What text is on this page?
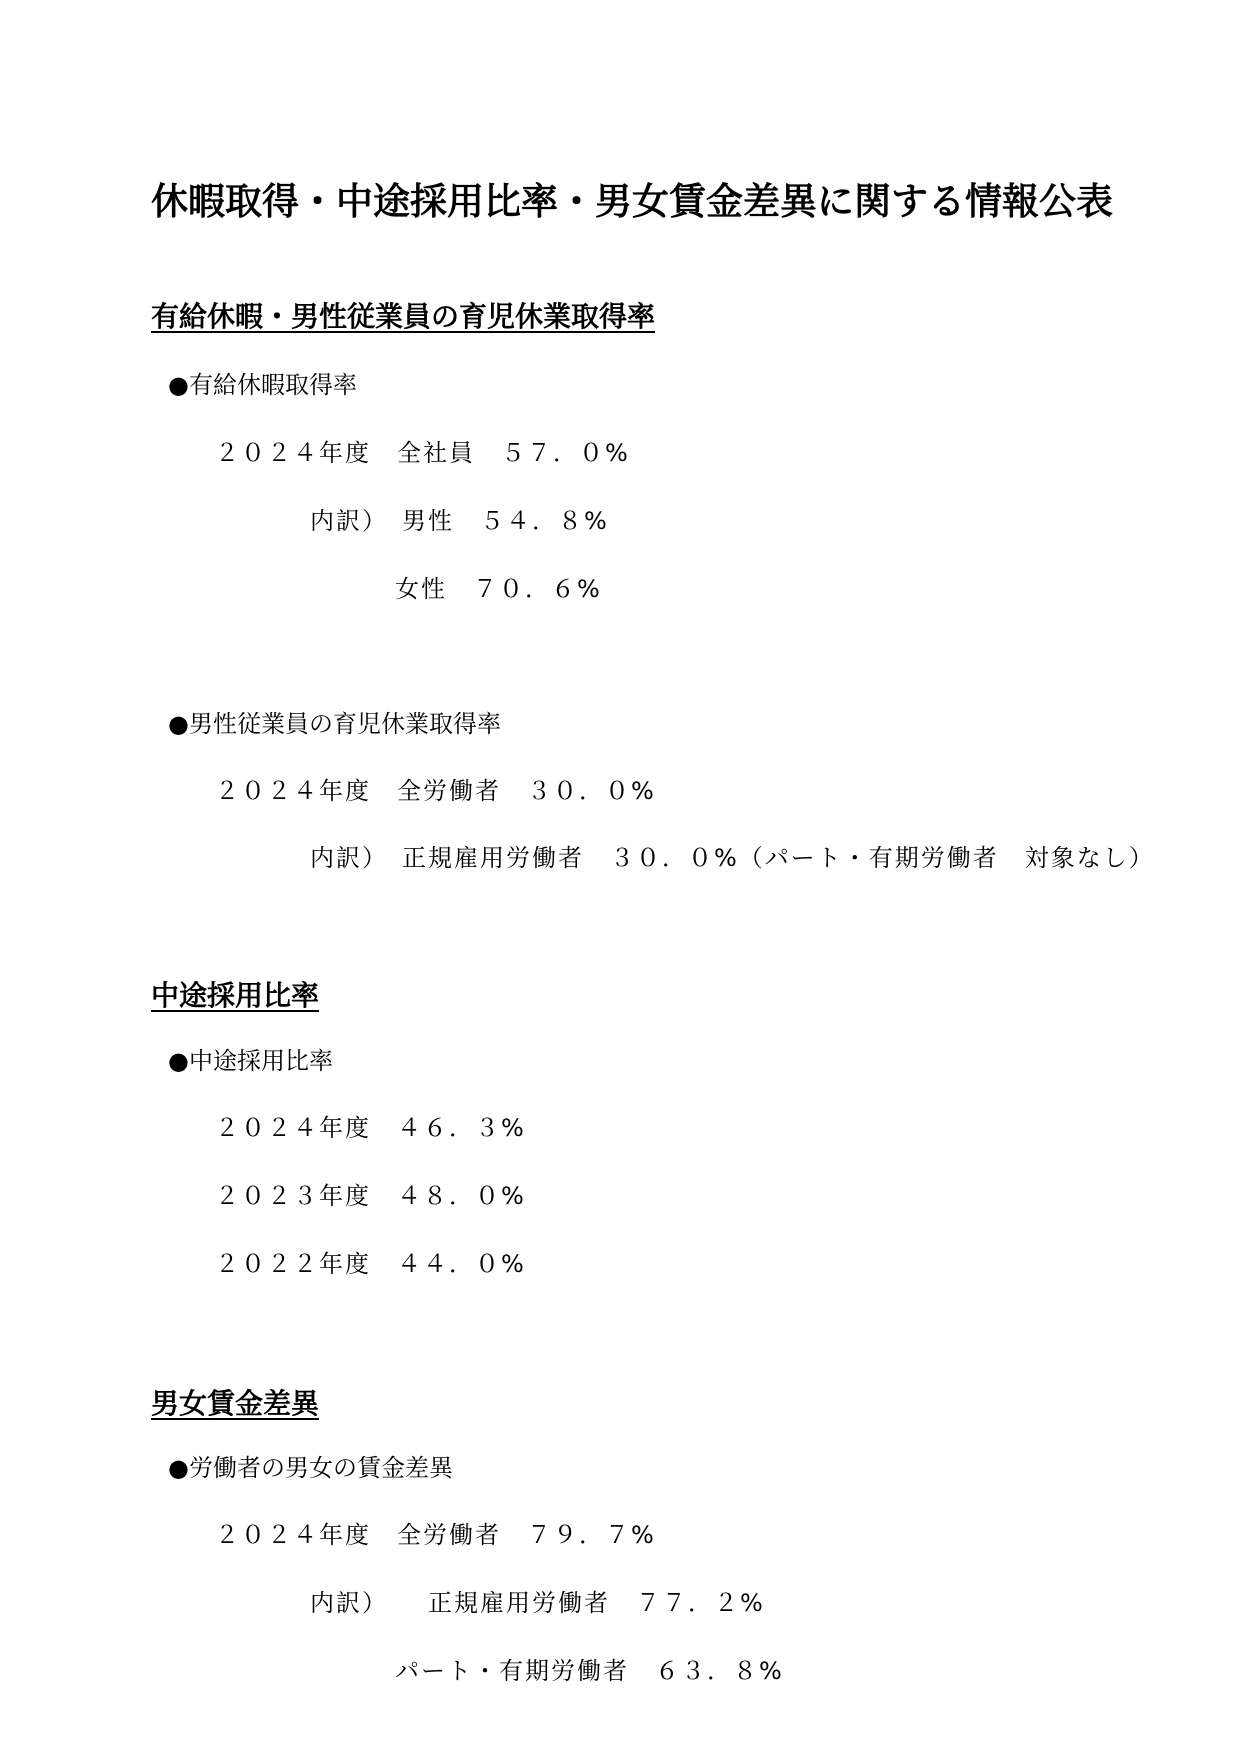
休暇取得・中途採用比率・男女賃金差異に関する情報公表
有給休暇・男性従業員の育児休業取得率
●有給休暇取得率
２０２４年度　全社員　５７．０%
内訳）　男性　５４．８%
女性　７０．６%
●男性従業員の育児休業取得率
２０２４年度　全労働者　３０．０%
内訳）　正規雇用労働者　３０．０%（パート・有期労働者　対象なし）
中途採用比率
●中途採用比率
２０２４年度　４６．３%
２０２３年度　４８．０%
２０２２年度　４４．０%
男女賃金差異
●労働者の男女の賃金差異
２０２４年度　全労働者　７９．７%
内訳）　　正規雇用労働者　７７．２%
パート・有期労働者　６３．８%
